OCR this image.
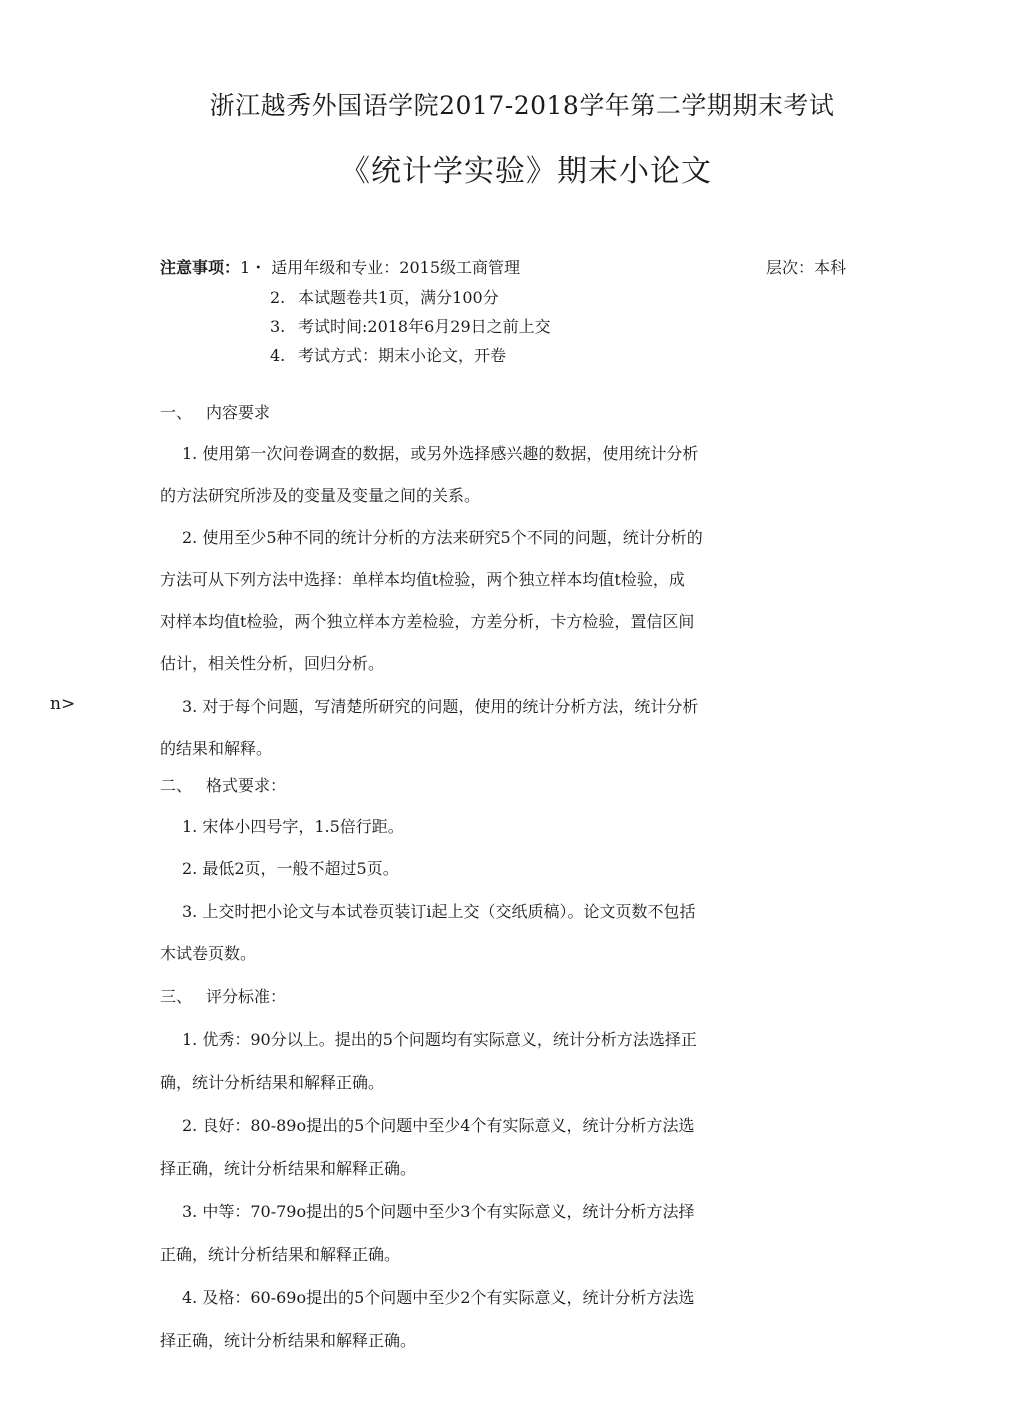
浙江越秀外国语学院2017-2018学年第二学期期末考试
《统计学实验》期末小论文
注意事项：1・ 适用年级和专业：2015级工商管理	层次：本科
2. 本试题卷共1页，满分100分
3. 考试时间:2018年6月29日之前上交
4. 考试方式：期末小论文，开卷
一、 内容要求
1. 使用第一次问卷调查的数据，或另外选择感兴趣的数据，使用统计分析
的方法研究所涉及的变量及变量之间的关系。
2. 使用至少5种不同的统计分析的方法来研究5个不同的问题，统计分析的
方法可从下列方法中选择：单样本均值t检验，两个独立样本均值t检验，成
对样本均值t检验，两个独立样本方差检验，方差分析，卡方检验，置信区间
估计，相关性分析，回归分析。
n>	3. 对于每个问题，写清楚所研究的问题，使用的统计分析方法，统计分析
的结果和解释。
二、 格式要求：
1. 宋体小四号字，1.5倍行距。
2. 最低2页，一般不超过5页。
3. 上交时把小论文与本试卷页装订i起上交（交纸质稿）。论文页数不包括
木试卷页数。
三、 评分标准：
1. 优秀：90分以上。提出的5个问题均有实际意义，统计分析方法选择正
确，统计分析结果和解释正确。
2. 良好：80-89o提出的5个问题中至少4个有实际意义，统计分析方法选
择正确，统计分析结果和解释正确。
3. 中等：70-79o提出的5个问题中至少3个有实际意义，统计分析方法择
正确，统计分析结果和解释正确。
4. 及格：60-69o提出的5个问题中至少2个有实际意义，统计分析方法选
择正确，统计分析结果和解释正确。
